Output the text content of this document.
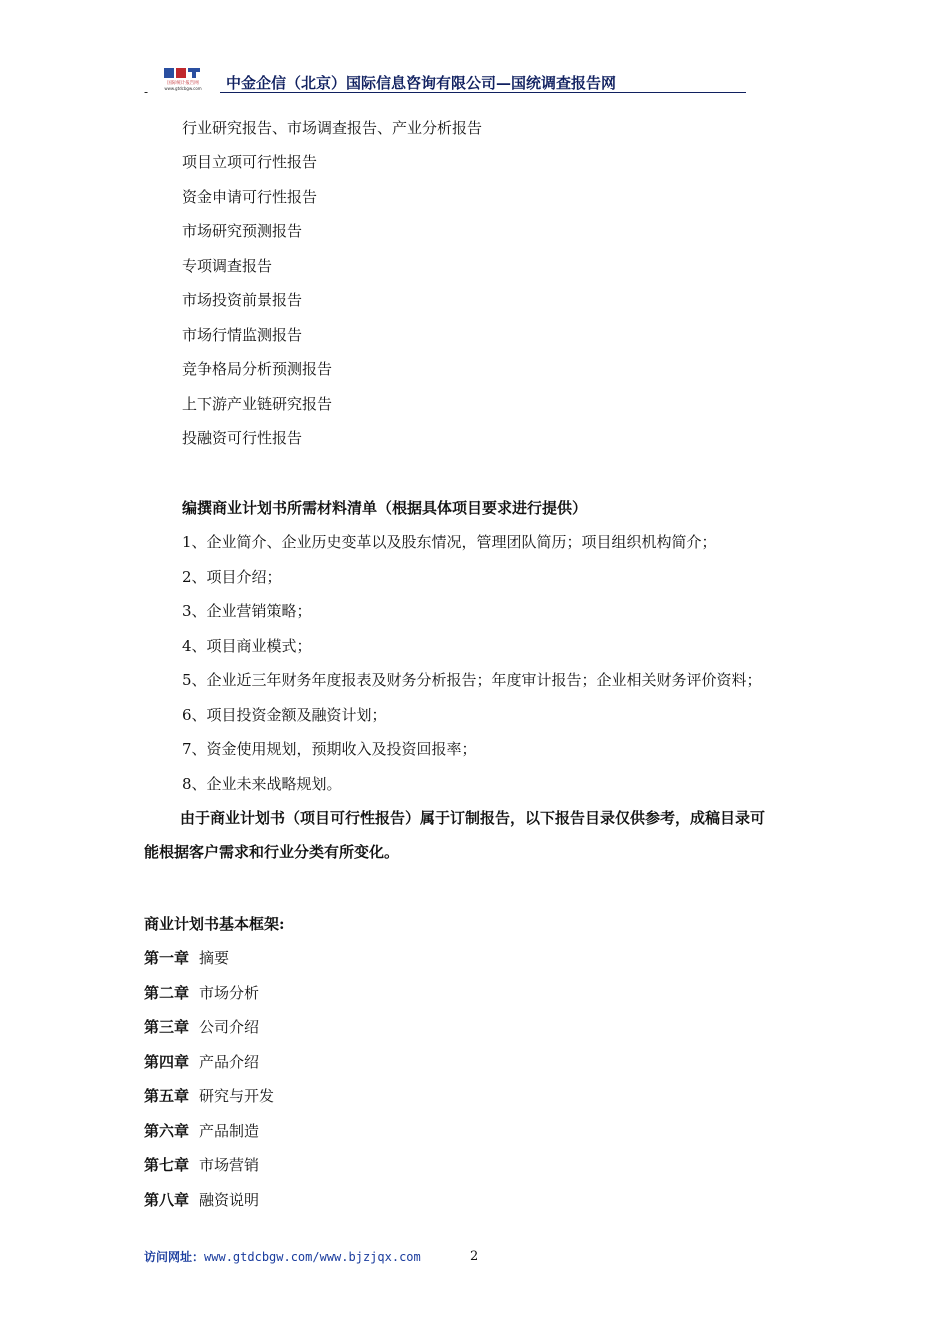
-
国际统计报告网
www.gtdcbgw.com	中金企信（北京）国际信息咨询有限公司—国统调查报告网
行业研究报告、市场调查报告、产业分析报告
项目立项可行性报告
资金申请可行性报告
市场研究预测报告
专项调查报告
市场投资前景报告
市场行情监测报告
竞争格局分析预测报告
上下游产业链研究报告
投融资可行性报告
编撰商业计划书所需材料清单（根据具体项目要求进行提供）
1、企业简介、企业历史变革以及股东情况，管理团队简历；项目组织机构简介；
2、项目介绍；
3、企业营销策略；
4、项目商业模式；
5、企业近三年财务年度报表及财务分析报告；年度审计报告；企业相关财务评价资料；
6、项目投资金额及融资计划；
7、资金使用规划，预期收入及投资回报率；
8、企业未来战略规划。
由于商业计划书（项目可行性报告）属于订制报告，以下报告目录仅供参考，成稿目录可
能根据客户需求和行业分类有所变化。
商业计划书基本框架:
第一章 摘要
第二章 市场分析
第三章 公司介绍
第四章 产品介绍
第五章 研究与开发
第六章 产品制造
第七章 市场营销
第八章 融资说明
访问网址：www.gtdcbgw.com/www.bjzjqx.com	2
